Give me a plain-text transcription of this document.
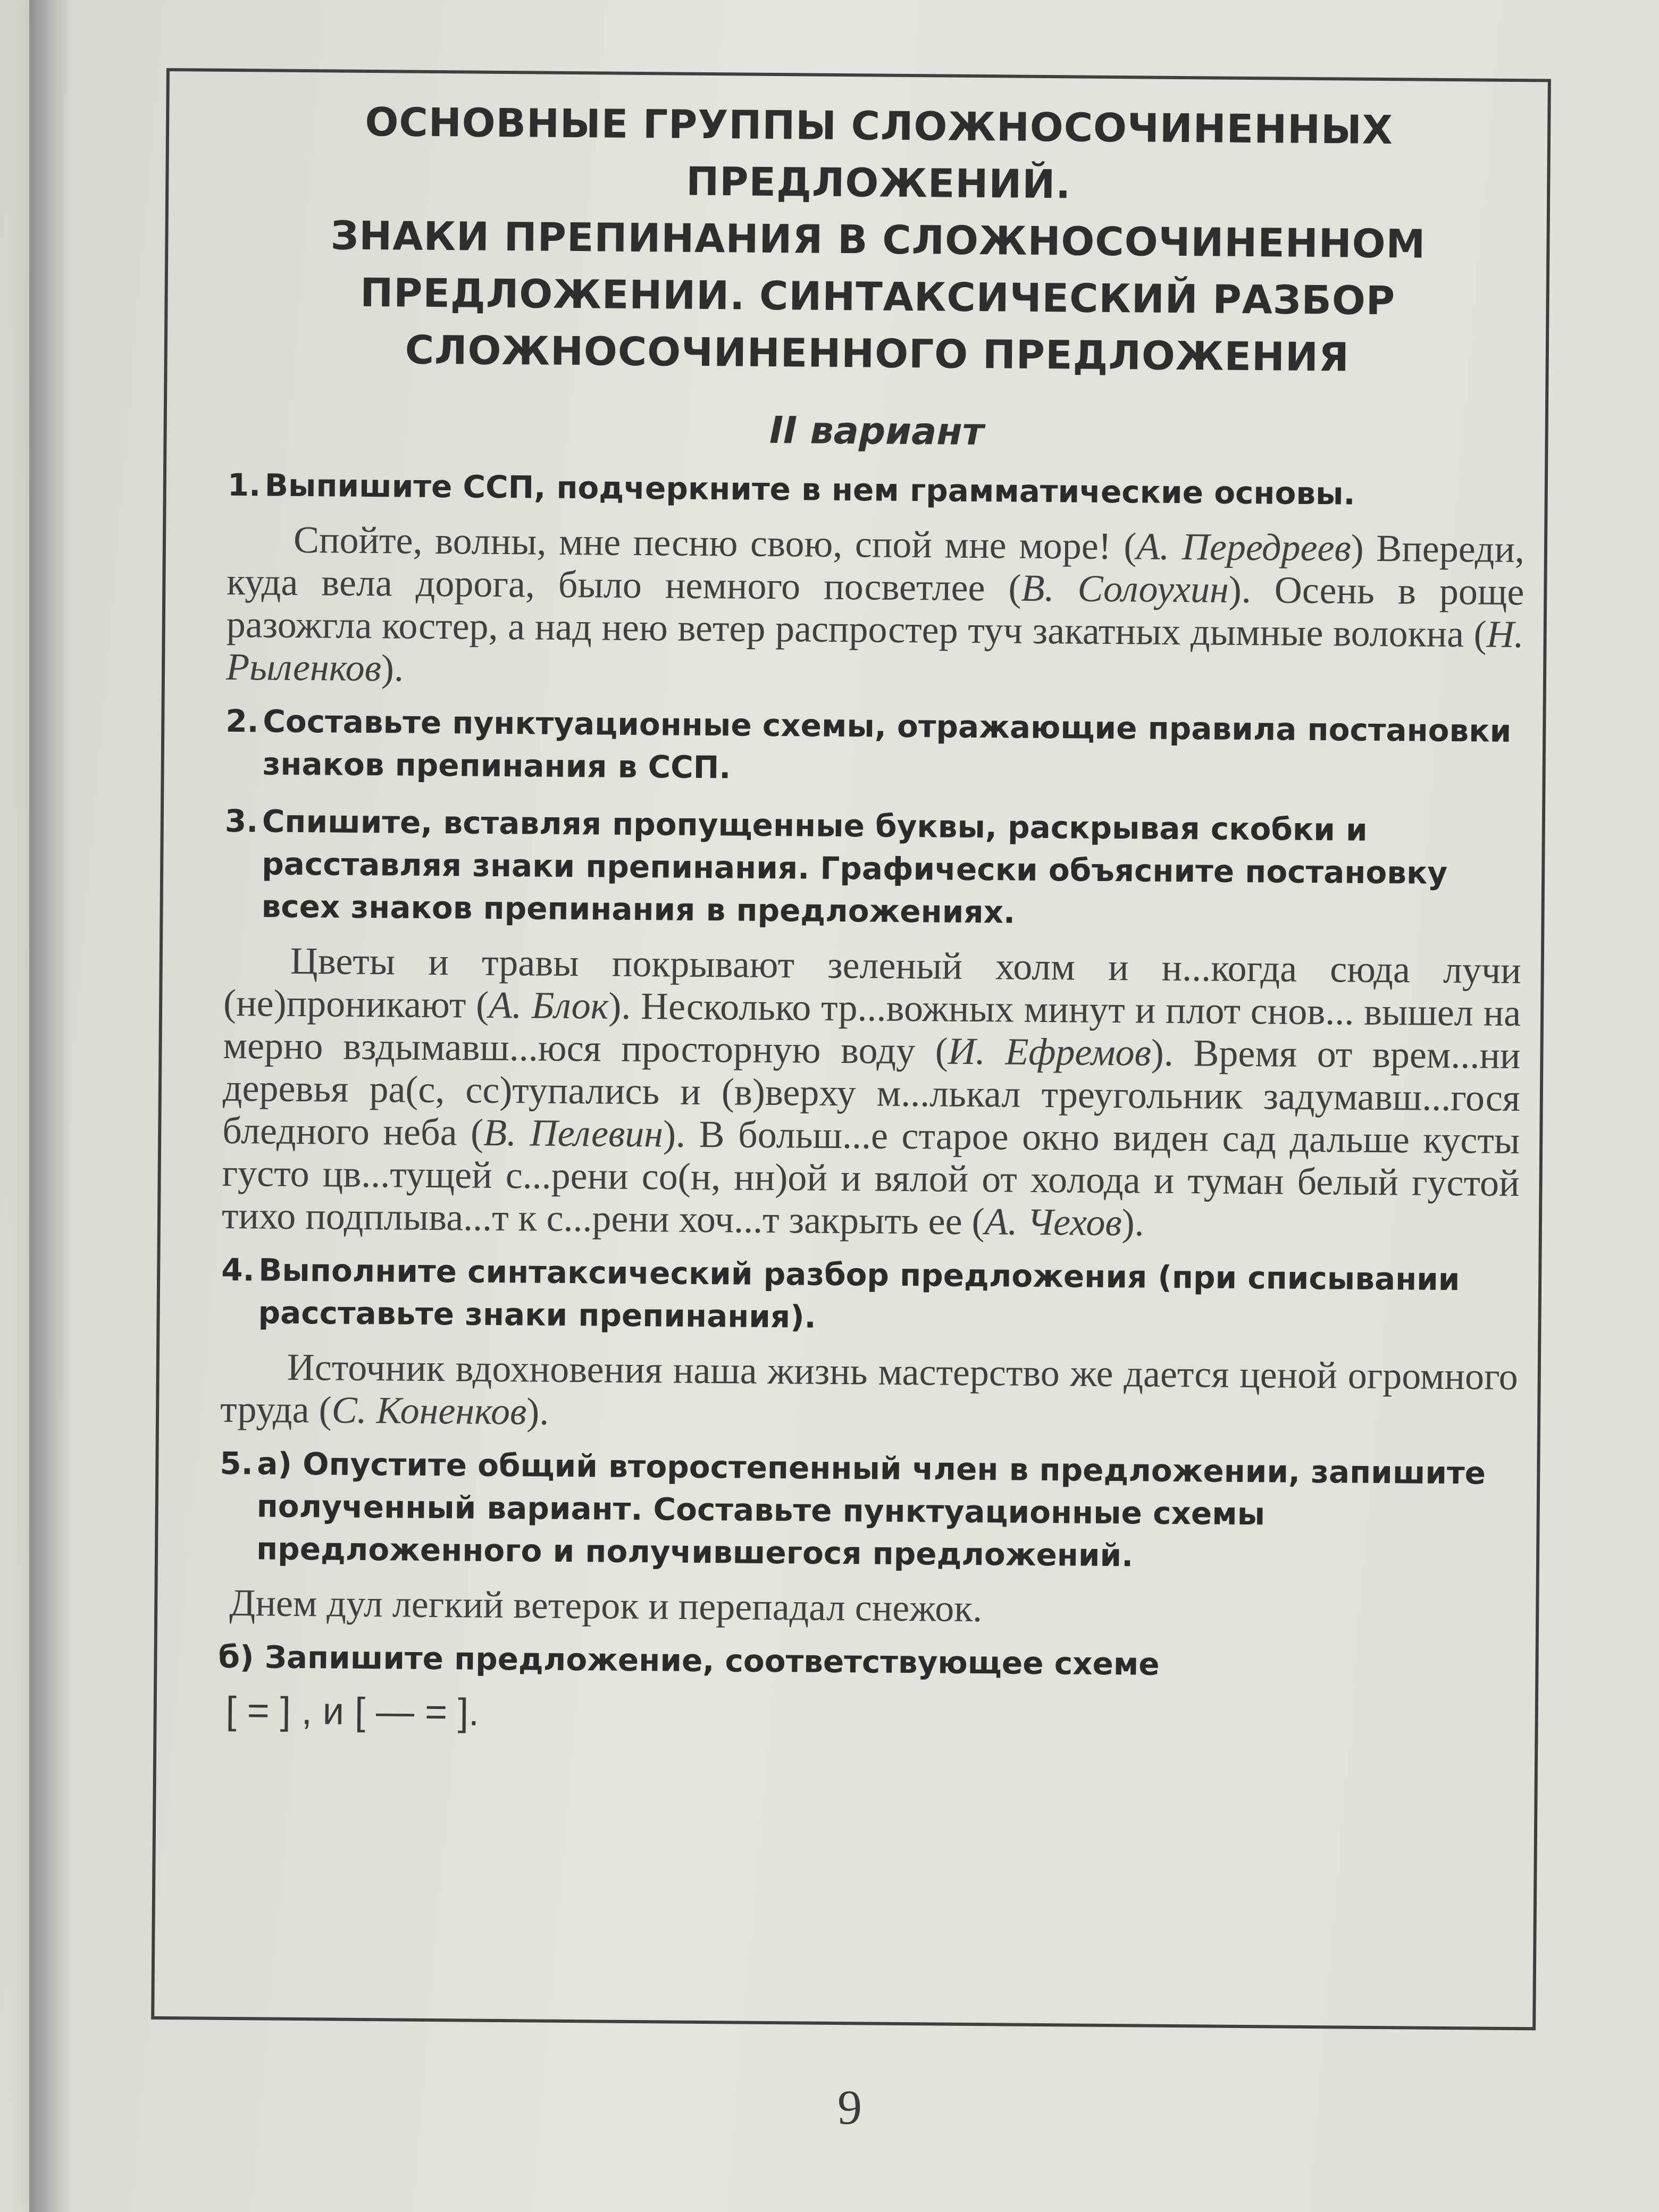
ОСНОВНЫЕ ГРУППЫ СЛОЖНОСОЧИНЕННЫХ ПРЕДЛОЖЕНИЙ.
ЗНАКИ ПРЕПИНАНИЯ В СЛОЖНОСОЧИНЕННОМ
ПРЕДЛОЖЕНИИ. СИНТАКСИЧЕСКИЙ РАЗБОР
СЛОЖНОСОЧИНЕННОГО ПРЕДЛОЖЕНИЯ
II вариант
1. Выпишите ССП, подчеркните в нем грамматические основы.

Спойте, волны, мне песню свою, спой мне море! (А. Передреев) Впереди, куда вела дорога, было немного посветлее (В. Солоухин). Осень в роще разожгла костер, а над нею ветер распростер туч закатных дымные волокна (Н. Рыленков).

2. Составьте пунктуационные схемы, отражающие правила постановки знаков препинания в ССП.
3. Спишите, вставляя пропущенные буквы, раскрывая скобки и расставляя знаки препинания. Графически объясните постановку всех знаков препинания в предложениях.

Цветы и травы покрывают зеленый холм и н...когда сюда лучи (не)проникают (А. Блок). Несколько тр...вожных минут и плот снов... вышел на мерно вздымавш...юся просторную воду (И. Ефремов). Время от врем...ни деревья ра(с, сс)тупались и (в)верху м...лькал треугольник задумавш...гося бледного неба (В. Пелевин). В больш...е старое окно виден сад дальше кусты густо цв...тущей с...рени со(н, нн)ой и вялой от холода и туман белый густой тихо подплыва...т к с...рени хоч...т закрыть ее (А. Чехов).

4. Выполните синтаксический разбор предложения (при списывании расставьте знаки препинания).

Источник вдохновения наша жизнь мастерство же дается ценой огромного труда (С. Коненков).

5. а) Опустите общий второстепенный член в предложении, запишите полученный вариант. Составьте пунктуационные схемы предложенного и получившегося предложений.

Днем дул легкий ветерок и перепадал снежок.

б) Запишите предложение, соответствующее схеме
[ = ] , и [ — = ].
9
